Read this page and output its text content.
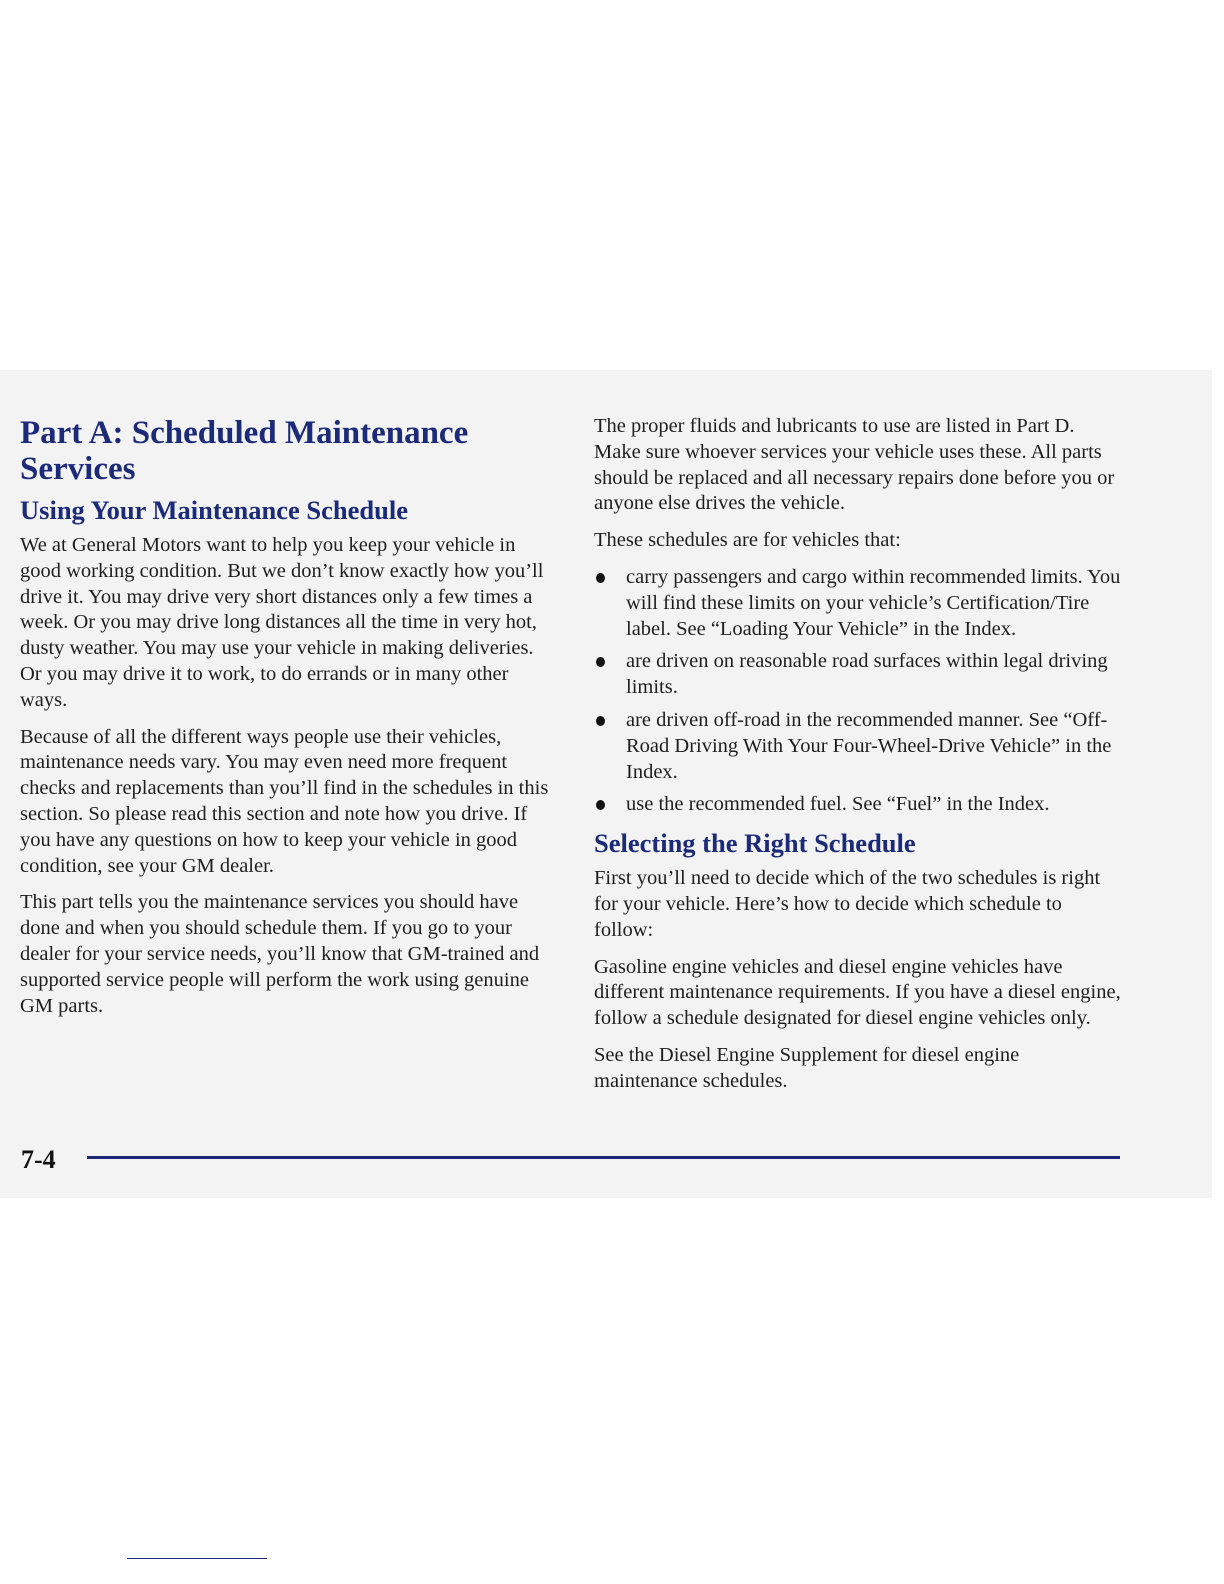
Part A: Scheduled Maintenance Services
Using Your Maintenance Schedule

We at General Motors want to help you keep your vehicle in good working condition. But we don’t know exactly how you’ll drive it. You may drive very short distances only a few times a week. Or you may drive long distances all the time in very hot, dusty weather. You may use your vehicle in making deliveries. Or you may drive it to work, to do errands or in many other ways.

Because of all the different ways people use their vehicles, maintenance needs vary. You may even need more frequent checks and replacements than you’ll find in the schedules in this section. So please read this section and note how you drive. If you have any questions on how to keep your vehicle in good condition, see your GM dealer.

This part tells you the maintenance services you should have done and when you should schedule them. If you go to your dealer for your service needs, you’ll know that GM-trained and supported service people will perform the work using genuine GM parts.

The proper fluids and lubricants to use are listed in Part D. Make sure whoever services your vehicle uses these. All parts should be replaced and all necessary repairs done before you or anyone else drives the vehicle.

These schedules are for vehicles that:

carry passengers and cargo within recommended limits. You will find these limits on your vehicle’s Certification/Tire label. See “Loading Your Vehicle” in the Index.
are driven on reasonable road surfaces within legal driving limits.
are driven off-road in the recommended manner. See “Off-Road Driving With Your Four-Wheel-Drive Vehicle” in the Index.
use the recommended fuel. See “Fuel” in the Index.
Selecting the Right Schedule

First you’ll need to decide which of the two schedules is right for your vehicle. Here’s how to decide which schedule to follow:

Gasoline engine vehicles and diesel engine vehicles have different maintenance requirements. If you have a diesel engine, follow a schedule designated for diesel engine vehicles only.

See the Diesel Engine Supplement for diesel engine maintenance schedules.

7-4
